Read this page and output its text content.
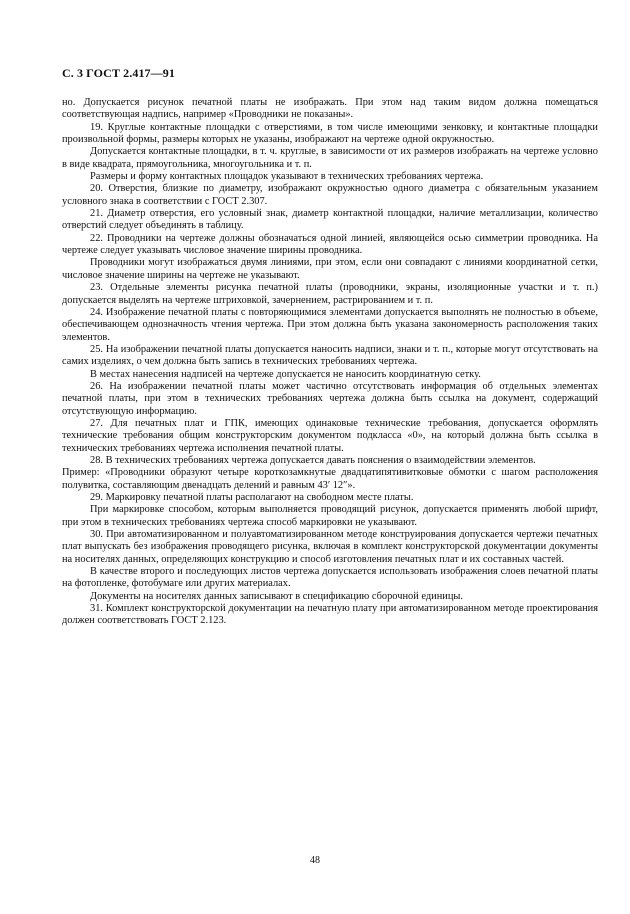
С. 3 ГОСТ 2.417—91

но. Допускается рисунок печатной платы не изображать. При этом над таким видом должна помещаться соответствующая надпись, например «Проводники не показаны».

19. Круглые контактные площадки с отверстиями, в том числе имеющими зенковку, и контактные площадки произвольной формы, размеры которых не указаны, изображают на чертеже одной окружностью.

Допускается контактные площадки, в т. ч. круглые, в зависимости от их размеров изображать на чертеже условно в виде квадрата, прямоугольника, многоугольника и т. п.

Размеры и форму контактных площадок указывают в технических требованиях чертежа.

20. Отверстия, близкие по диаметру, изображают окружностью одного диаметра с обязательным указанием условного знака в соответствии с ГОСТ 2.307.

21. Диаметр отверстия, его условный знак, диаметр контактной площадки, наличие металлизации, количество отверстий следует объединять в таблицу.

22. Проводники на чертеже должны обозначаться одной линией, являющейся осью симметрии проводника. На чертеже следует указывать числовое значение ширины проводника.

Проводники могут изображаться двумя линиями, при этом, если они совпадают с линиями координатной сетки, числовое значение ширины на чертеже не указывают.

23. Отдельные элементы рисунка печатной платы (проводники, экраны, изоляционные участки и т. п.) допускается выделять на чертеже штриховкой, зачернением, растрированием и т. п.

24. Изображение печатной платы с повторяющимися элементами допускается выполнять не полностью в объеме, обеспечивающем однозначность чтения чертежа. При этом должна быть указана закономерность расположения таких элементов.

25. На изображении печатной платы допускается наносить надписи, знаки и т. п., которые могут отсутствовать на самих изделиях, о чем должна быть запись в технических требованиях чертежа.

В местах нанесения надписей на чертеже допускается не наносить координатную сетку.

26. На изображении печатной платы может частично отсутствовать информация об отдельных элементах печатной платы, при этом в технических требованиях чертежа должна быть ссылка на документ, содержащий отсутствующую информацию.

27. Для печатных плат и ГПК, имеющих одинаковые технические требования, допускается оформлять технические требования общим конструкторским документом подкласса «0», на который должна быть ссылка в технических требованиях чертежа исполнения печатной платы.

28. В технических требованиях чертежа допускается давать пояснения о взаимодействии элементов.

Пример: «Проводники образуют четыре короткозамкнутые двадцатипятивитковые обмотки с шагом расположения полувитка, составляющим двенадцать делений и равным 43′ 12″».

29. Маркировку печатной платы располагают на свободном месте платы.

При маркировке способом, которым выполняется проводящий рисунок, допускается применять любой шрифт, при этом в технических требованиях чертежа способ маркировки не указывают.

30. При автоматизированном и полуавтоматизированном методе конструирования допускается чертежи печатных плат выпускать без изображения проводящего рисунка, включая в комплект конструкторской документации документы на носителях данных, определяющих конструкцию и способ изготовления печатных плат и их составных частей.

В качестве второго и последующих листов чертежа допускается использовать изображения слоев печатной платы на фотопленке, фотобумаге или других материалах.

Документы на носителях данных записывают в спецификацию сборочной единицы.

31. Комплект конструкторской документации на печатную плату при автоматизированном методе проектирования должен соответствовать ГОСТ 2.123.

48
